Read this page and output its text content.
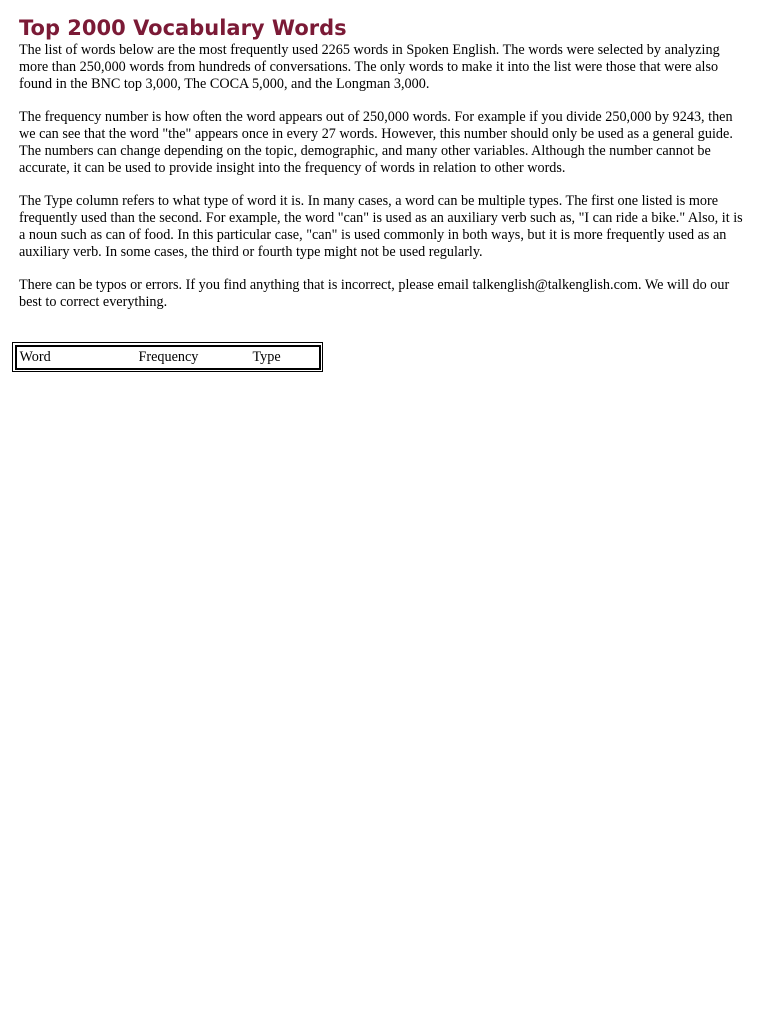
Top 2000 Vocabulary Words

The list of words below are the most frequently used 2265 words in Spoken English. The words were selected by analyzing more than 250,000 words from hundreds of conversations. The only words to make it into the list were those that were also found in the BNC top 3,000, The COCA 5,000, and the Longman 3,000.

The frequency number is how often the word appears out of 250,000 words. For example if you divide 250,000 by 9243, then we can see that the word "the" appears once in every 27 words. However, this number should only be used as a general guide. The numbers can change depending on the topic, demographic, and many other variables. Although the number cannot be accurate, it can be used to provide insight into the frequency of words in relation to other words.

The Type column refers to what type of word it is. In many cases, a word can be multiple types. The first one listed is more frequently used than the second. For example, the word "can" is used as an auxiliary verb such as, "I can ride a bike." Also, it is a noun such as can of food. In this particular case, "can" is used commonly in both ways, but it is more frequently used as an auxiliary verb. In some cases, the third or fourth type might not be used regularly.

There can be typos or errors. If you find anything that is incorrect, please email talkenglish@talkenglish.com. We will do our best to correct everything.

Word	Frequency	Type
